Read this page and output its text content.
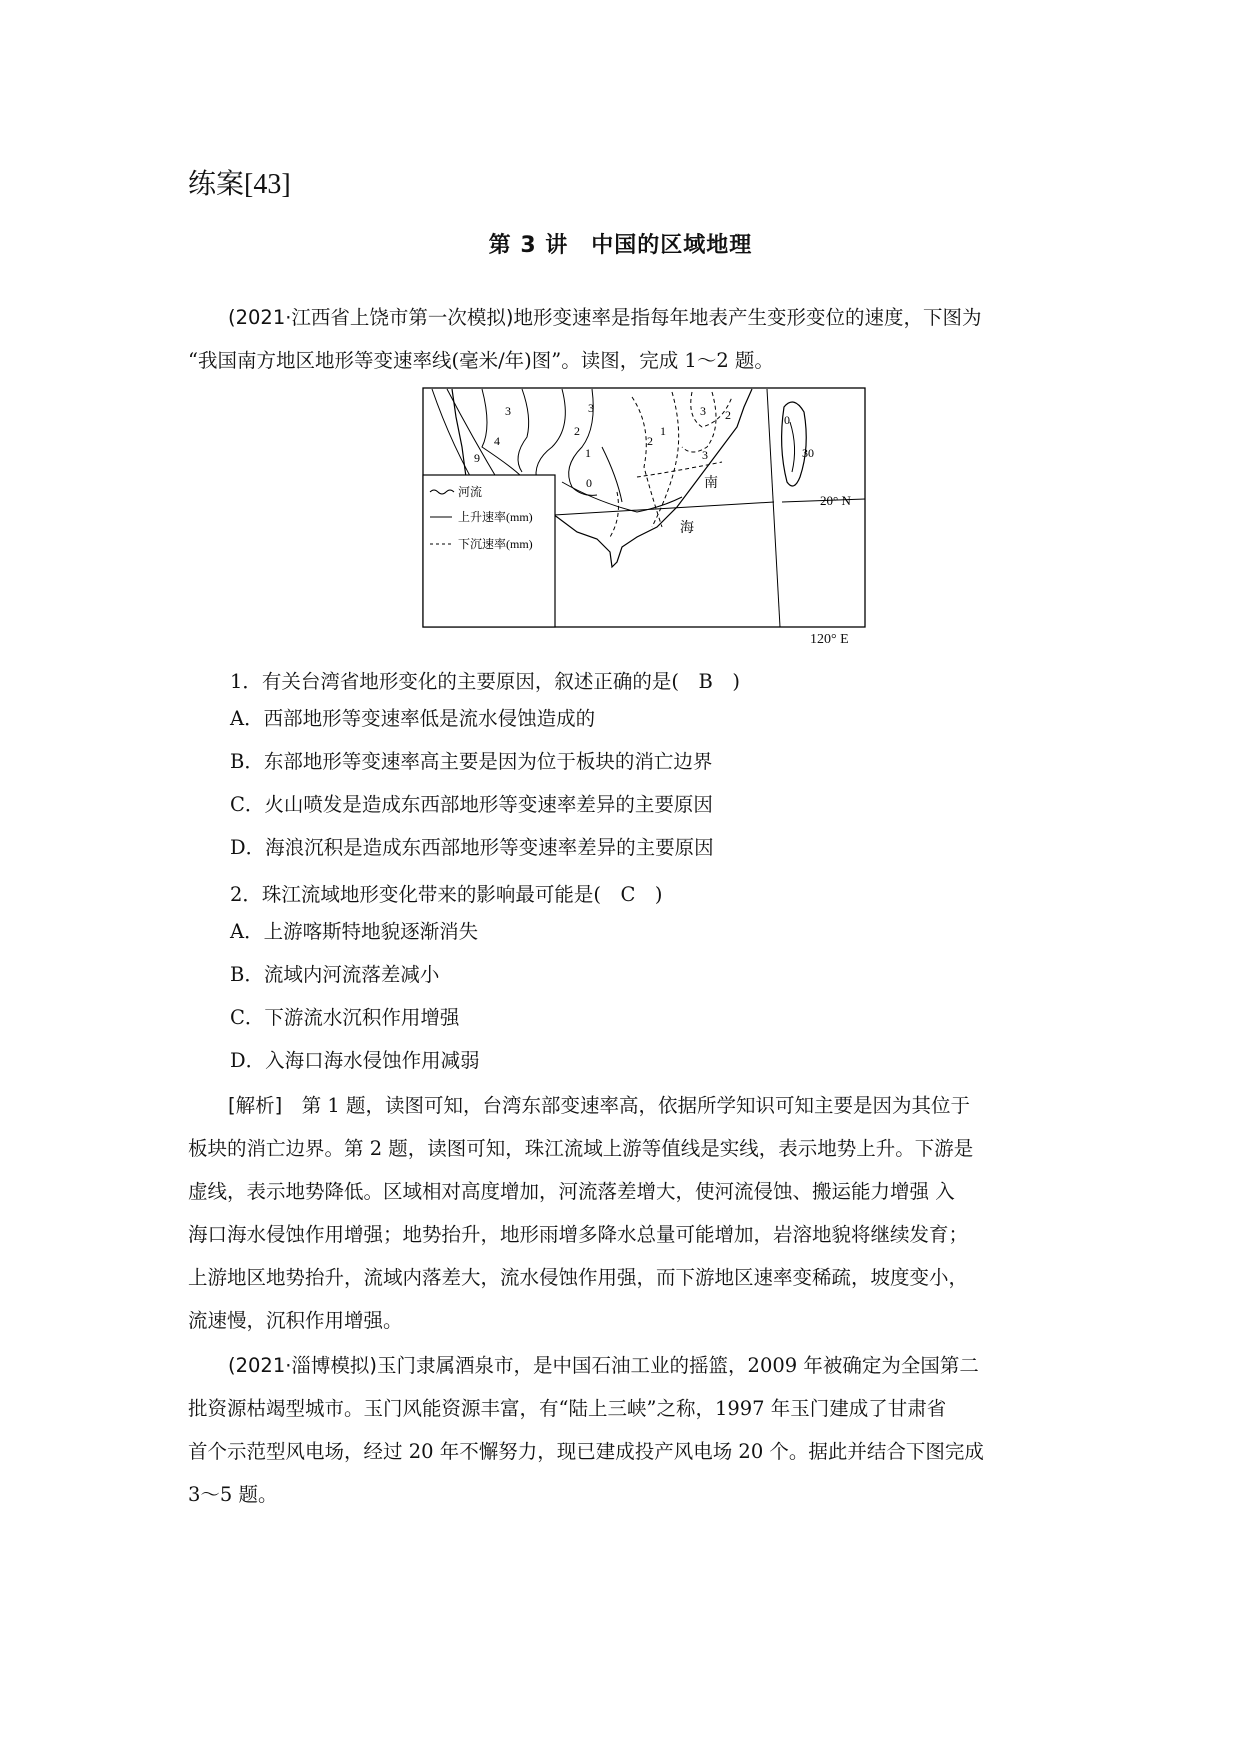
练案[43]
第 3 讲　中国的区域地理
(2021·江西省上饶市第一次模拟)地形变速率是指每年地表产生变形变位的速度，下图为
“我国南方地区地形等变速率线(毫米/年)图”。读图，完成 1～2 题。
河流
上升速率(mm)
下沉速率(mm)
南
海
20° N
3
4
9
3
2
1
0
2
1
3 2
3
0
30
120° E
1．有关台湾省地形变化的主要原因，叙述正确的是(　B　)
A．西部地形等变速率低是流水侵蚀造成的
B．东部地形等变速率高主要是因为位于板块的消亡边界
C．火山喷发是造成东西部地形等变速率差异的主要原因
D．海浪沉积是造成东西部地形等变速率差异的主要原因
2．珠江流域地形变化带来的影响最可能是(　C　)
A．上游喀斯特地貌逐渐消失
B．流域内河流落差减小
C．下游流水沉积作用增强
D．入海口海水侵蚀作用减弱
[解析]　第 1 题，读图可知，台湾东部变速率高，依据所学知识可知主要是因为其位于
板块的消亡边界。第 2 题，读图可知，珠江流域上游等值线是实线，表示地势上升。下游是
虚线，表示地势降低。区域相对高度增加，河流落差增大，使河流侵蚀、搬运能力增强 入
海口海水侵蚀作用增强；地势抬升，地形雨增多降水总量可能增加，岩溶地貌将继续发育；
上游地区地势抬升，流域内落差大，流水侵蚀作用强，而下游地区速率变稀疏，坡度变小，
流速慢，沉积作用增强。
(2021·淄博模拟)玉门隶属酒泉市，是中国石油工业的摇篮，2009 年被确定为全国第二
批资源枯竭型城市。玉门风能资源丰富，有“陆上三峡”之称，1997 年玉门建成了甘肃省
首个示范型风电场，经过 20 年不懈努力，现已建成投产风电场 20 个。据此并结合下图完成
3～5 题。
